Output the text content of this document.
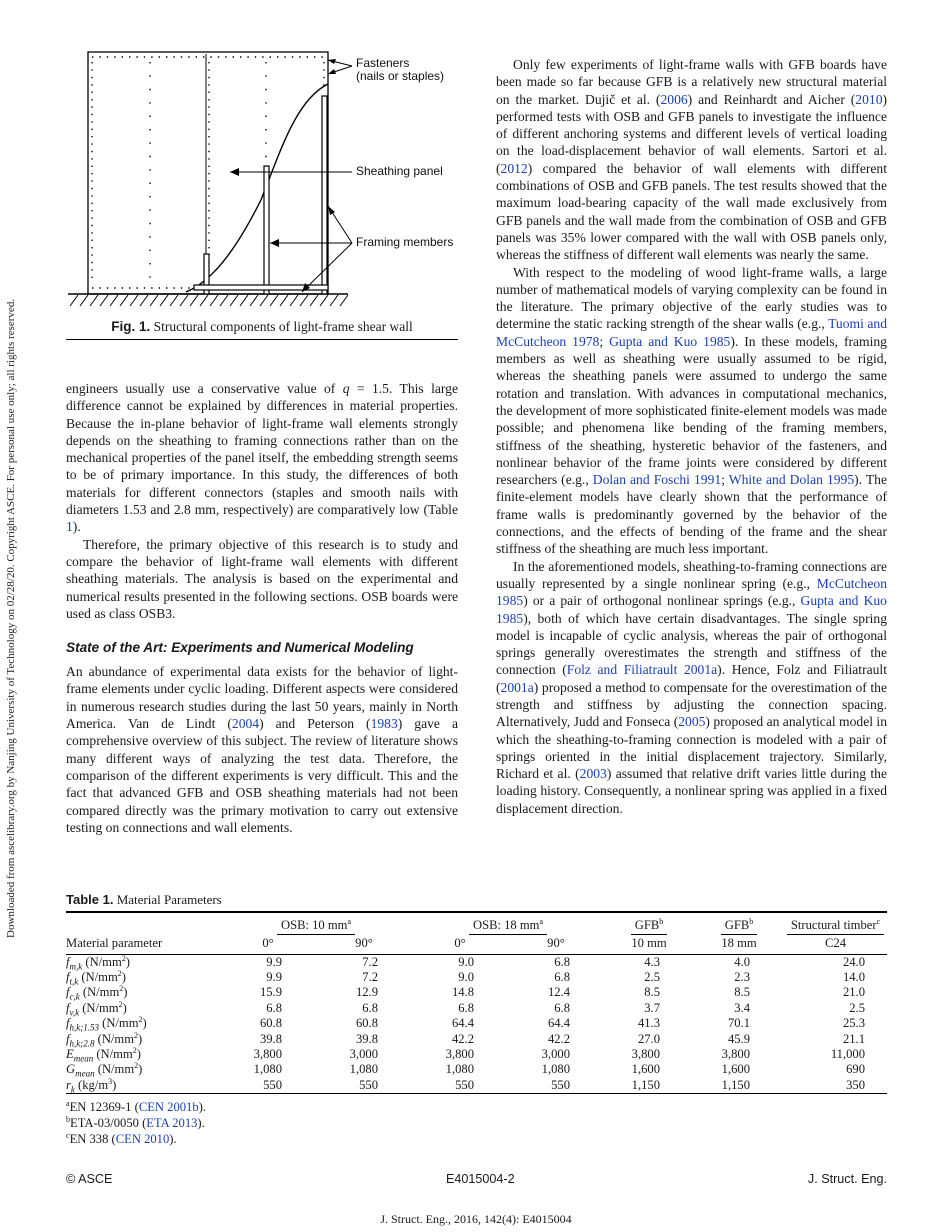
Downloaded from ascelibrary.org by Nanjing University of Technology on 02/28/20. Copyright ASCE. For personal use only; all rights reserved.
Fasteners
(nails or staples)
Sheathing panel
Framing members
Fig. 1. Structural components of light-frame shear wall

engineers usually use a conservative value of q = 1.5. This large difference cannot be explained by differences in material properties. Because the in-plane behavior of light-frame wall elements strongly depends on the sheathing to framing connections rather than on the mechanical properties of the panel itself, the embedding strength seems to be of primary importance. In this study, the differences of both materials for different connectors (staples and smooth nails with diameters 1.53 and 2.8 mm, respectively) are comparatively low (Table 1).

Therefore, the primary objective of this research is to study and compare the behavior of light-frame wall elements with different sheathing materials. The analysis is based on the experimental and numerical results presented in the following sections. OSB boards were used as class OSB3.

State of the Art: Experiments and Numerical Modeling

An abundance of experimental data exists for the behavior of light-frame elements under cyclic loading. Different aspects were considered in numerous research studies during the last 50 years, mainly in North America. Van de Lindt (2004) and Peterson (1983) gave a comprehensive overview of this subject. The review of literature shows many different ways of analyzing the test data. Therefore, the comparison of the different experiments is very difficult. This and the fact that advanced GFB and OSB sheathing materials had not been compared directly was the primary motivation to carry out extensive testing on connections and wall elements.

Only few experiments of light-frame walls with GFB boards have been made so far because GFB is a relatively new structural material on the market. Dujič et al. (2006) and Reinhardt and Aicher (2010) performed tests with OSB and GFB panels to investigate the influence of different anchoring systems and different levels of vertical loading on the load-displacement behavior of wall elements. Sartori et al. (2012) compared the behavior of wall elements with different combinations of OSB and GFB panels. The test results showed that the maximum load-bearing capacity of the wall made exclusively from GFB panels and the wall made from the combination of OSB and GFB panels was 35% lower compared with the wall with OSB panels only, whereas the stiffness of different wall elements was nearly the same.

With respect to the modeling of wood light-frame walls, a large number of mathematical models of varying complexity can be found in the literature. The primary objective of the early studies was to determine the static racking strength of the shear walls (e.g., Tuomi and McCutcheon 1978; Gupta and Kuo 1985). In these models, framing members as well as sheathing were usually assumed to be rigid, whereas the sheathing panels were assumed to undergo the same rotation and translation. With advances in computational mechanics, the development of more sophisticated finite-element models was made possible; and phenomena like bending of the framing members, stiffness of the sheathing, hysteretic behavior of the fasteners, and nonlinear behavior of the frame joints were considered by different researchers (e.g., Dolan and Foschi 1991; White and Dolan 1995). The finite-element models have clearly shown that the performance of frame walls is predominantly governed by the behavior of the connections, and the effects of bending of the frame and the shear stiffness of the sheathing are much less important.

In the aforementioned models, sheathing-to-framing connections are usually represented by a single nonlinear spring (e.g., McCutcheon 1985) or a pair of orthogonal nonlinear springs (e.g., Gupta and Kuo 1985), both of which have certain disadvantages. The single spring model is incapable of cyclic analysis, whereas the pair of orthogonal springs generally overestimates the strength and stiffness of the connection (Folz and Filiatrault 2001a). Hence, Folz and Filiatrault (2001a) proposed a method to compensate for the overestimation of the strength and stiffness by adjusting the connection spacing. Alternatively, Judd and Fonseca (2005) proposed an analytical model in which the sheathing-to-framing connection is modeled with a pair of springs oriented in the initial displacement trajectory. Similarly, Richard et al. (2003) assumed that relative drift varies little during the loading history. Consequently, a nonlinear spring was applied in a fixed displacement direction.

Table 1. Material Parameters

	OSB: 10 $mm^a$		OSB: 18 $mm^a$		GFB$^b$	GFB$^b$	Structural timber$^c$
Material parameter	0°	90°	0°	90°	10 mm	18 mm	C24

$f_{m,k}$ $(N/mm^2)$	9.9	7.2	9.0	6.8	4.3	4.0	24.0
$f_{t,k}$ $(N/mm^2)$	9.9	7.2	9.0	6.8	2.5	2.3	14.0
$f_{c,k}$ $(N/mm^2)$	15.9	12.9	14.8	12.4	8.5	8.5	21.0
$f_{v,k}$ $(N/mm^2)$	6.8	6.8	6.8	6.8	3.7	3.4	2.5
$f_{h,k;1.53}$ $(N/mm^2)$	60.8	60.8	64.4	64.4	41.3	70.1	25.3
$f_{h,k;2.8}$ $(N/mm^2)$	39.8	39.8	42.2	42.2	27.0	45.9	21.1
$E_{mean}$ $(N/mm^2)$	3,800	3,000	3,800	3,000	3,800	3,800	11,000
$G_{mean}$ $(N/mm^2)$	1,080	1,080	1,080	1,080	1,600	1,600	690
$r_k$ $(kg/m^3)$	550	550	550	550	1,150	1,150	350

$^a$EN 12369-1 (CEN 2001b).
$^b$ETA-03/0050 (ETA 2013).
$^c$EN 338 (CEN 2010).
© ASCE	E4015004-2	J. Struct. Eng.
J. Struct. Eng., 2016, 142(4): E4015004
